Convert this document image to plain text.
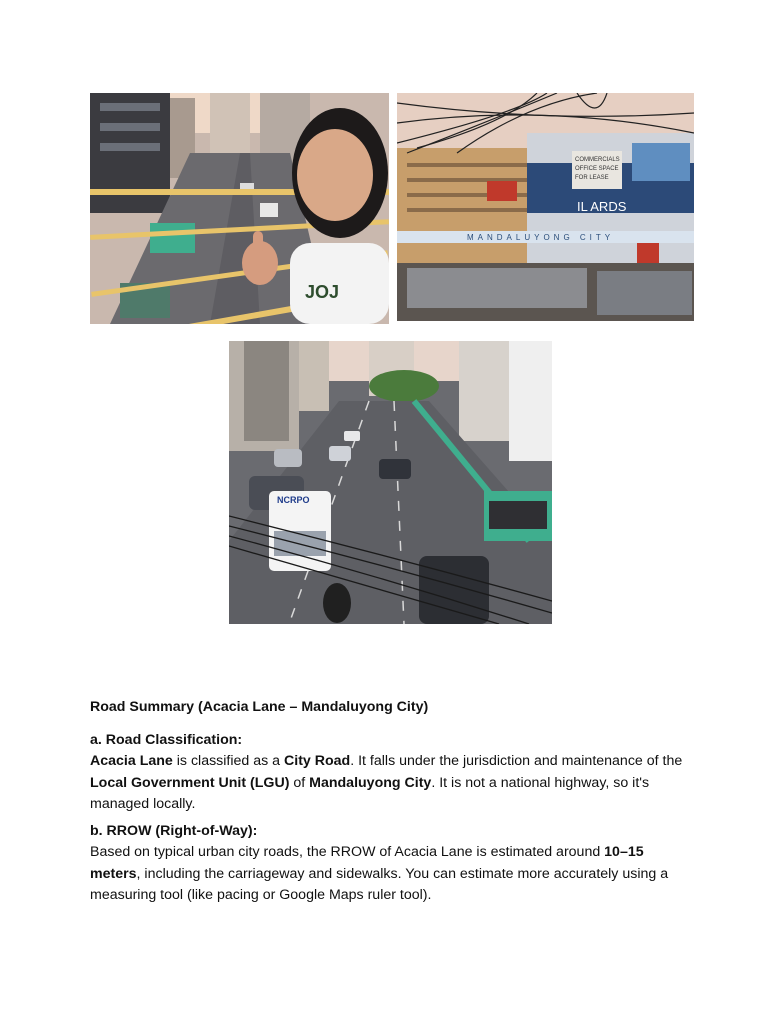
JOJ
IL ARDS
COMMERCIALS
OFFICE SPACE
FOR LEASE
MANDALUYONG CITY
NCRPO
Road Summary (Acacia Lane – Mandaluyong City)

a. Road Classification:

Acacia Lane is classified as a City Road. It falls under the jurisdiction and maintenance of the Local Government Unit (LGU) of Mandaluyong City. It is not a national highway, so it's managed locally.

b. RROW (Right-of-Way):

Based on typical urban city roads, the RROW of Acacia Lane is estimated around 10–15 meters, including the carriageway and sidewalks. You can estimate more accurately using a measuring tool (like pacing or Google Maps ruler tool).
